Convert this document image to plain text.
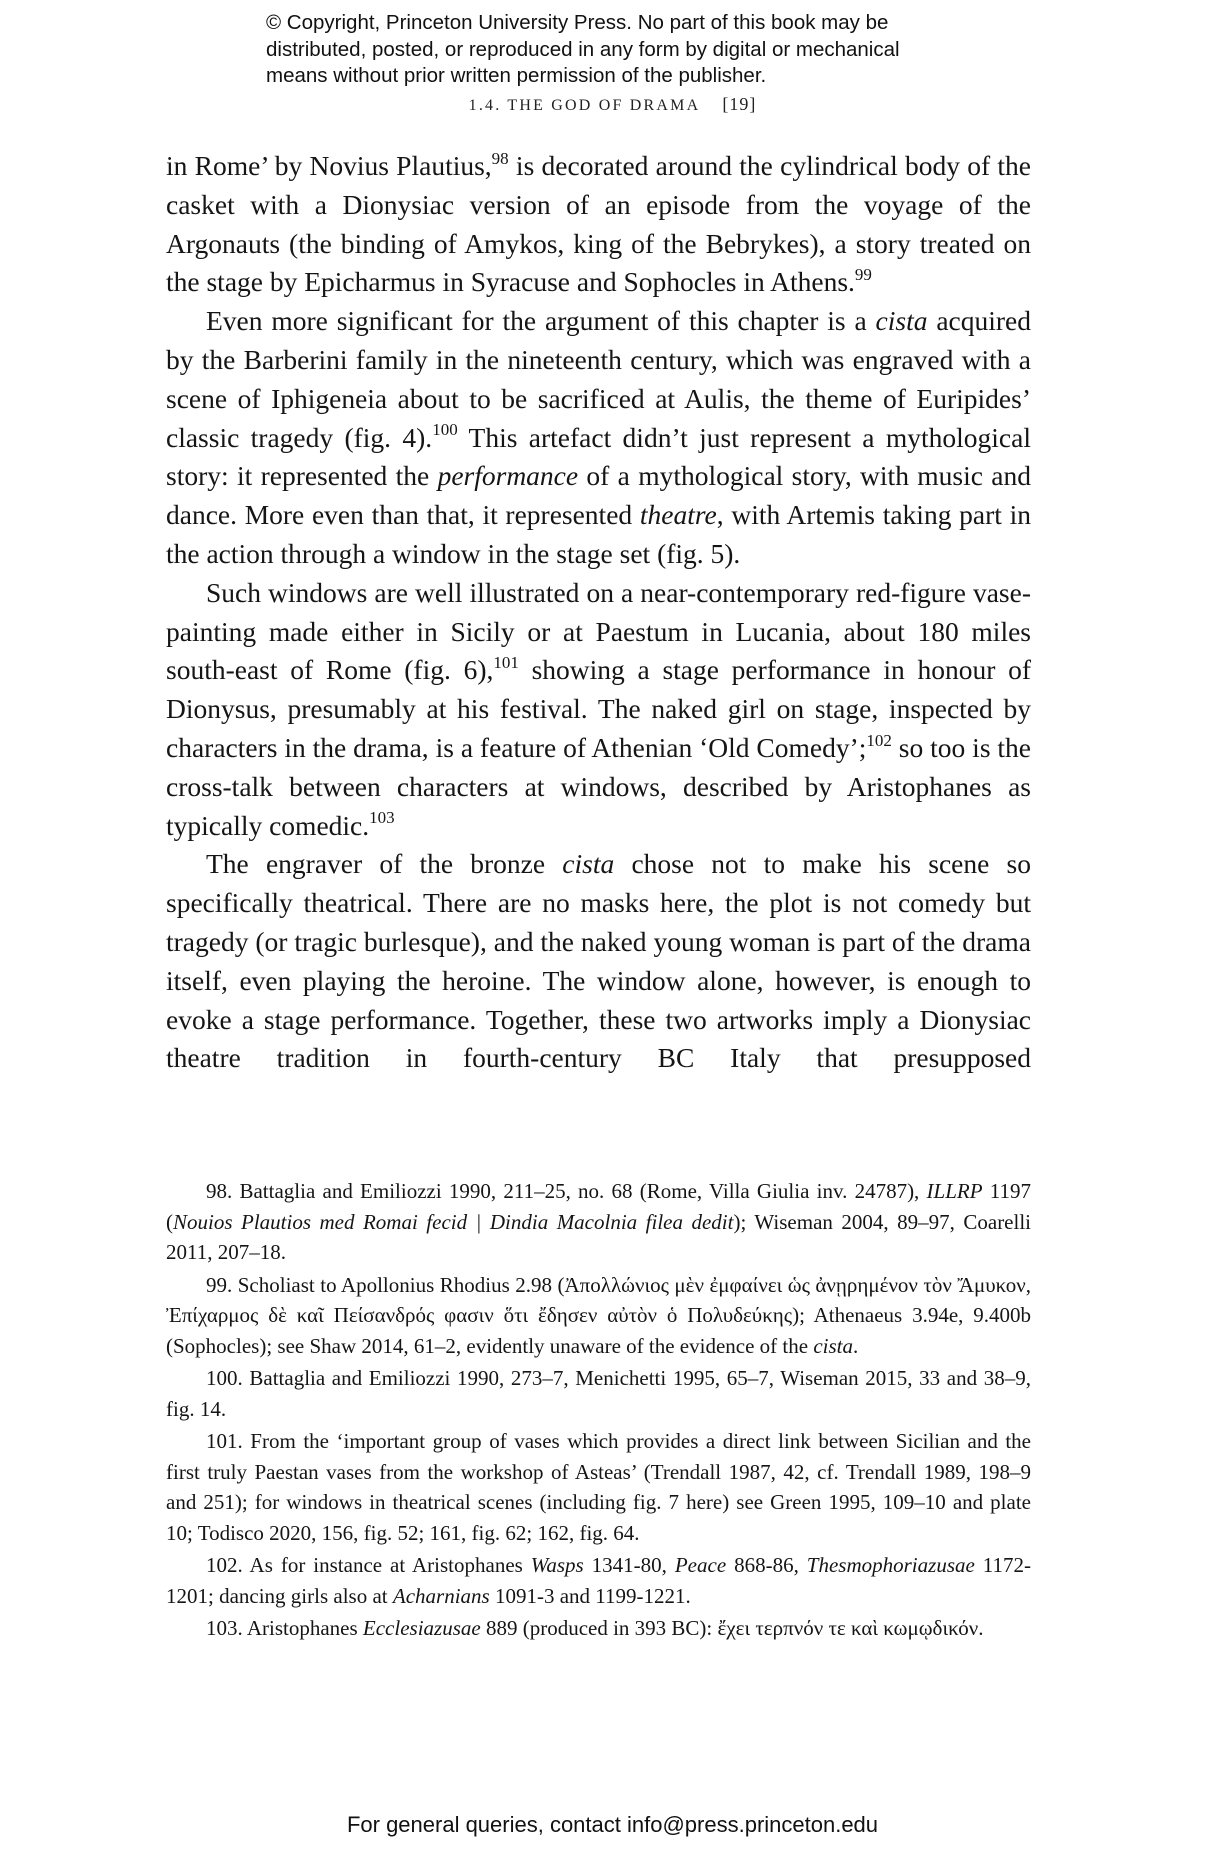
© Copyright, Princeton University Press. No part of this book may be
distributed, posted, or reproduced in any form by digital or mechanical
means without prior written permission of the publisher.
1.4. THE GOD OF DRAMA [19]

in Rome’ by Novius Plautius,$^{98}$ is decorated around the cylindrical body of the casket with a Dionysiac version of an episode from the voyage of the Argonauts (the binding of Amykos, king of the Bebrykes), a story treated on the stage by Epicharmus in Syracuse and Sophocles in Athens.$^{99}$

Even more significant for the argument of this chapter is a cista acquired by the Barberini family in the nineteenth century, which was engraved with a scene of Iphigeneia about to be sacrificed at Aulis, the theme of Euripides’ classic tragedy (fig. 4).$^{100}$ This artefact didn’t just represent a mythological story: it represented the performance of a mythological story, with music and dance. More even than that, it represented theatre, with Artemis taking part in the action through a window in the stage set (fig. 5).

Such windows are well illustrated on a near-contemporary red-figure vase-painting made either in Sicily or at Paestum in Lucania, about 180 miles south-east of Rome (fig. 6),$^{101}$ showing a stage performance in honour of Dionysus, presumably at his festival. The naked girl on stage, inspected by characters in the drama, is a feature of Athenian ‘Old Comedy’;$^{102}$ so too is the cross-talk between characters at windows, described by Aristophanes as typically comedic.$^{103}$

The engraver of the bronze cista chose not to make his scene so specifically theatrical. There are no masks here, the plot is not comedy but tragedy (or tragic burlesque), and the naked young woman is part of the drama itself, even playing the heroine. The window alone, however, is enough to evoke a stage performance. Together, these two artworks imply a Dionysiac theatre tradition in fourth-century BC Italy that presupposed

98. Battaglia and Emiliozzi 1990, 211–25, no. 68 (Rome, Villa Giulia inv. 24787), ILLRP 1197 (Nouios Plautios med Romai fecid | Dindia Macolnia filea dedit); Wiseman 2004, 89–97, Coarelli 2011, 207–18.

99. Scholiast to Apollonius Rhodius 2.98 (Ἀπολλώνιος μὲν ἐμφαίνει ὡς ἀνῃρημένον τὸν Ἄμυκον, Ἐπίχαρμος δὲ καῖ Πείσανδρός φασιν ὅτι ἔδησεν αὐτὸν ὁ Πολυδεύκης); Athenaeus 3.94e, 9.400b (Sophocles); see Shaw 2014, 61–2, evidently unaware of the evidence of the cista.

100. Battaglia and Emiliozzi 1990, 273–7, Menichetti 1995, 65–7, Wiseman 2015, 33 and 38–9, fig. 14.

101. From the ‘important group of vases which provides a direct link between Sicilian and the first truly Paestan vases from the workshop of Asteas’ (Trendall 1987, 42, cf. Trendall 1989, 198–9 and 251); for windows in theatrical scenes (including fig. 7 here) see Green 1995, 109–10 and plate 10; Todisco 2020, 156, fig. 52; 161, fig. 62; 162, fig. 64.

102. As for instance at Aristophanes Wasps 1341-80, Peace 868-86, Thesmophoriazusae 1172-1201; dancing girls also at Acharnians 1091-3 and 1199-1221.

103. Aristophanes Ecclesiazusae 889 (produced in 393 BC): ἔχει τερπνόν τε καὶ κωμῳδικόν.

For general queries, contact info@press.princeton.edu
